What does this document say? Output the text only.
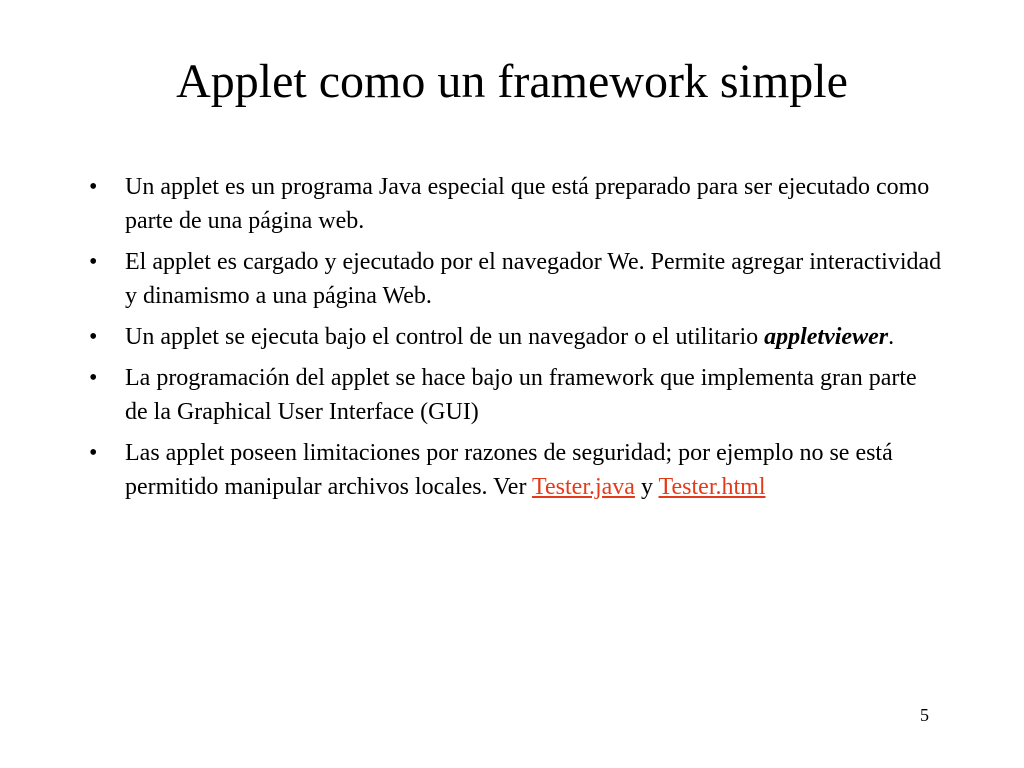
Applet como un framework simple
•	Un applet es un programa Java especial que está preparado para ser ejecutado como parte de una página web.
•	El applet es cargado y ejecutado por el navegador We. Permite agregar interactividad y dinamismo a una página Web.
•	Un applet se ejecuta bajo el control de un navegador o el utilitario appletviewer.
•	La programación del applet se hace bajo un framework que implementa gran parte de la Graphical User Interface (GUI)
•	Las applet poseen limitaciones por razones de seguridad; por ejemplo no se está permitido manipular archivos locales. Ver Tester.java y Tester.html
5
